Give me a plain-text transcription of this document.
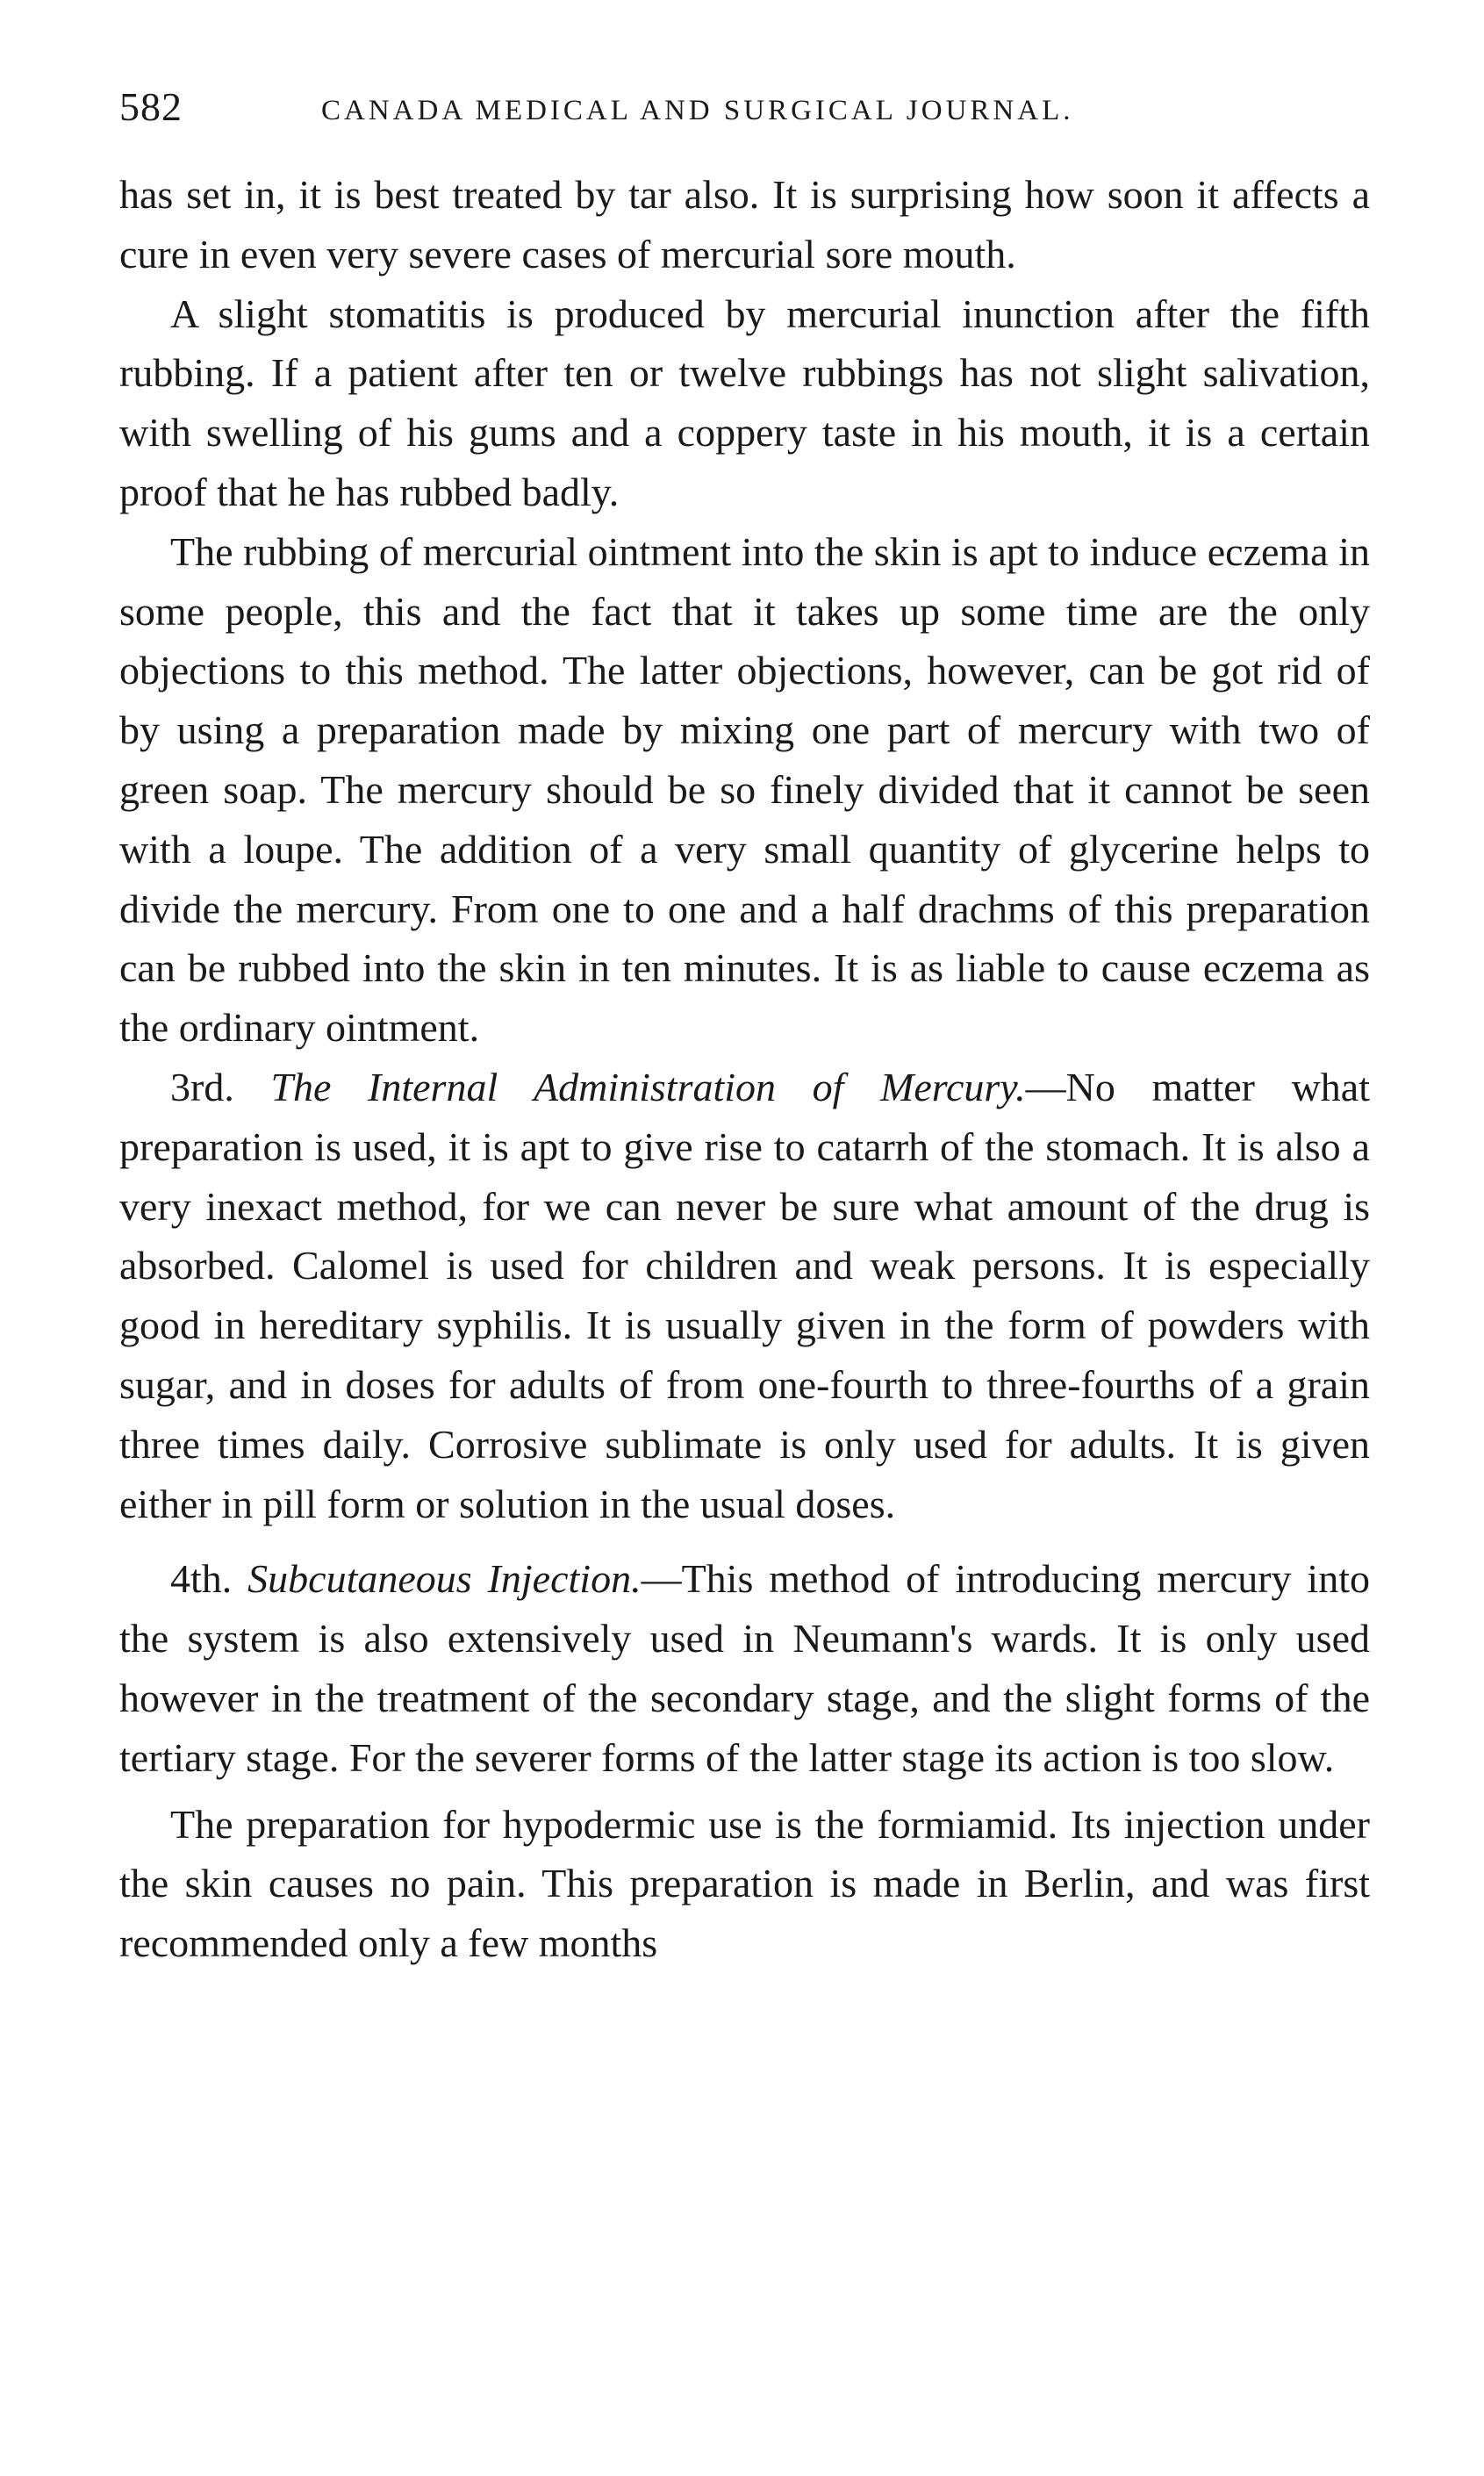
582	CANADA MEDICAL AND SURGICAL JOURNAL.

has set in, it is best treated by tar also. It is surprising how soon it affects a cure in even very severe cases of mercurial sore mouth.

A slight stomatitis is produced by mercurial inunction after the fifth rubbing. If a patient after ten or twelve rubbings has not slight salivation, with swelling of his gums and a coppery taste in his mouth, it is a certain proof that he has rubbed badly.

The rubbing of mercurial ointment into the skin is apt to induce eczema in some people, this and the fact that it takes up some time are the only objections to this method. The latter objections, however, can be got rid of by using a preparation made by mixing one part of mercury with two of green soap. The mercury should be so finely divided that it cannot be seen with a loupe. The addition of a very small quantity of glycerine helps to divide the mercury. From one to one and a half drachms of this preparation can be rubbed into the skin in ten minutes. It is as liable to cause eczema as the ordinary ointment.

3rd. The Internal Administration of Mercury.—No matter what preparation is used, it is apt to give rise to catarrh of the stomach. It is also a very inexact method, for we can never be sure what amount of the drug is absorbed. Calomel is used for children and weak persons. It is especially good in hereditary syphilis. It is usually given in the form of powders with sugar, and in doses for adults of from one-fourth to three-fourths of a grain three times daily. Corrosive sublimate is only used for adults. It is given either in pill form or solution in the usual doses.

4th. Subcutaneous Injection.—This method of introducing mercury into the system is also extensively used in Neumann's wards. It is only used however in the treatment of the secondary stage, and the slight forms of the tertiary stage. For the severer forms of the latter stage its action is too slow.

The preparation for hypodermic use is the formiamid. Its injection under the skin causes no pain. This preparation is made in Berlin, and was first recommended only a few months
